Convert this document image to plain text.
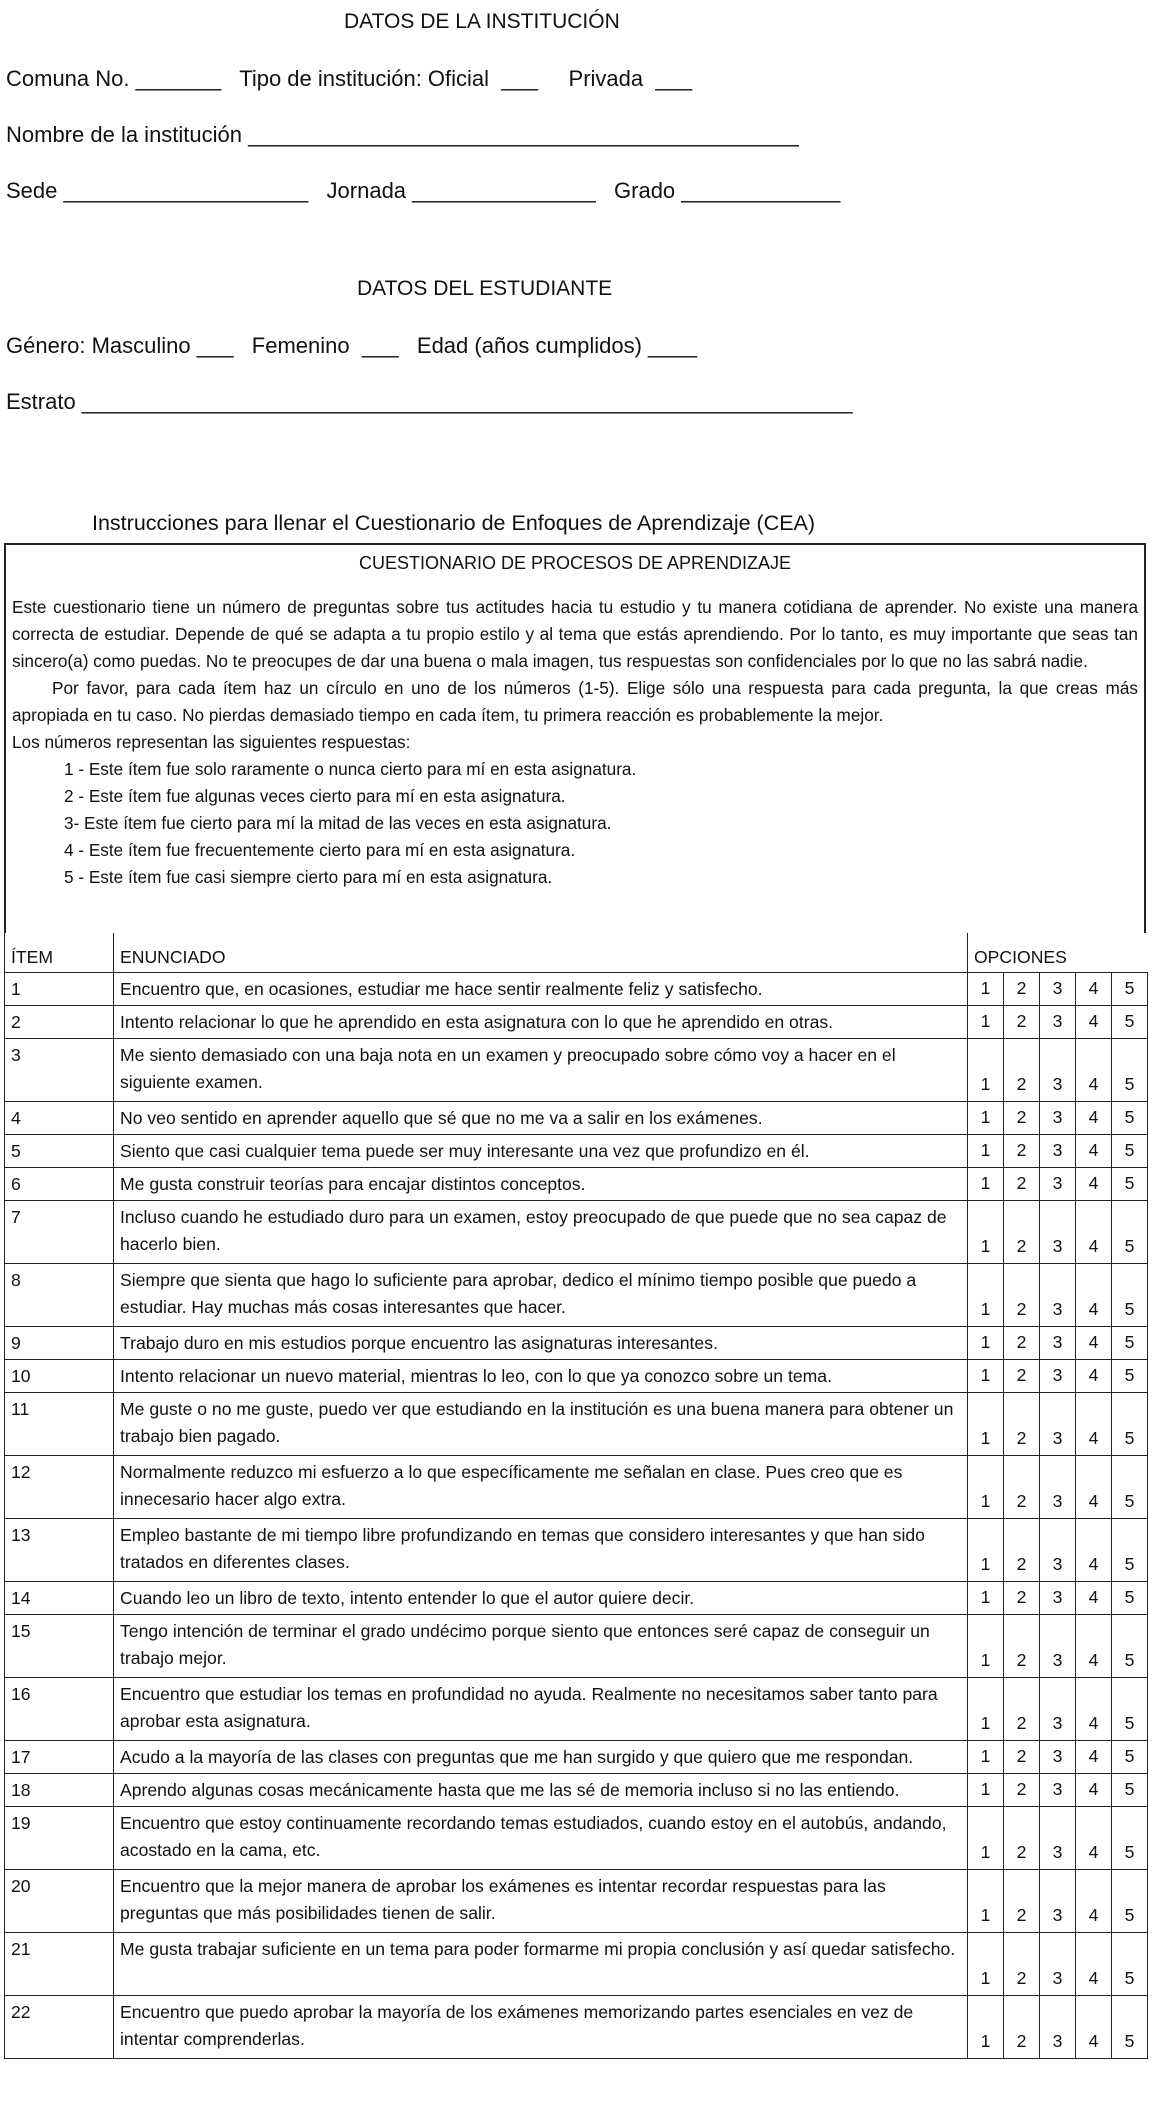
DATOS DE LA INSTITUCIÓN
Comuna No. _______   Tipo de institución: Oficial  ___     Privada  ___
Nombre de la institución _____________________________________________
Sede ____________________   Jornada _______________   Grado _____________
DATOS DEL ESTUDIANTE
Género: Masculino ___   Femenino  ___   Edad (años cumplidos) ____
Estrato _______________________________________________________________
Instrucciones para llenar el Cuestionario de Enfoques de Aprendizaje (CEA)
CUESTIONARIO DE PROCESOS DE APRENDIZAJE
Este cuestionario tiene un número de preguntas sobre tus actitudes hacia tu estudio y tu manera cotidiana de aprender. No existe una manera correcta de estudiar. Depende de qué se adapta a tu propio estilo y al tema que estás aprendiendo. Por lo tanto, es muy importante que seas tan sincero(a) como puedas. No te preocupes de dar una buena o mala imagen, tus respuestas son confidenciales por lo que no las sabrá nadie.
Por favor, para cada ítem haz un círculo en uno de los números (1-5). Elige sólo una respuesta para cada pregunta, la que creas más apropiada en tu caso. No pierdas demasiado tiempo en cada ítem, tu primera reacción es probablemente la mejor.
Los números representan las siguientes respuestas:
1 - Este ítem fue solo raramente o nunca cierto para mí en esta asignatura.
2 - Este ítem fue algunas veces cierto para mí en esta asignatura.
3- Este ítem fue cierto para mí la mitad de las veces en esta asignatura.
4 - Este ítem fue frecuentemente cierto para mí en esta asignatura.
5 - Este ítem fue casi siempre cierto para mí en esta asignatura.
ÍTEM	ENUNCIADO	OPCIONES				
1	Encuentro que, en ocasiones, estudiar me hace sentir realmente feliz y satisfecho.	1	2	3	4	5
2	Intento relacionar lo que he aprendido en esta asignatura con lo que he aprendido en otras.	1	2	3	4	5
3	Me siento demasiado con una baja nota en un examen y preocupado sobre cómo voy a hacer en el siguiente examen.	1	2	3	4	5
4	No veo sentido en aprender aquello que sé que no me va a salir en los exámenes.	1	2	3	4	5
5	Siento que casi cualquier tema puede ser muy interesante una vez que profundizo en él.	1	2	3	4	5
6	Me gusta construir teorías para encajar distintos conceptos.	1	2	3	4	5
7	Incluso cuando he estudiado duro para un examen, estoy preocupado de que puede que no sea capaz de hacerlo bien.	1	2	3	4	5
8	Siempre que sienta que hago lo suficiente para aprobar, dedico el mínimo tiempo posible que puedo a estudiar. Hay muchas más cosas interesantes que hacer.	1	2	3	4	5
9	Trabajo duro en mis estudios porque encuentro las asignaturas interesantes.	1	2	3	4	5
10	Intento relacionar un nuevo material, mientras lo leo, con lo que ya conozco sobre un tema.	1	2	3	4	5
11	Me guste o no me guste, puedo ver que estudiando en la institución es una buena manera para obtener un trabajo bien pagado.	1	2	3	4	5
12	Normalmente reduzco mi esfuerzo a lo que específicamente me señalan en clase. Pues creo que es innecesario hacer algo extra.	1	2	3	4	5
13	Empleo bastante de mi tiempo libre profundizando en temas que considero interesantes y que han sido tratados en diferentes clases.	1	2	3	4	5
14	Cuando leo un libro de texto, intento entender lo que el autor quiere decir.	1	2	3	4	5
15	Tengo intención de terminar el grado undécimo porque siento que entonces seré capaz de conseguir un trabajo mejor.	1	2	3	4	5
16	Encuentro que estudiar los temas en profundidad no ayuda. Realmente no necesitamos saber tanto para aprobar esta asignatura.	1	2	3	4	5
17	Acudo a la mayoría de las clases con preguntas que me han surgido y que quiero que me respondan.	1	2	3	4	5
18	Aprendo algunas cosas mecánicamente hasta que me las sé de memoria incluso si no las entiendo.	1	2	3	4	5
19	Encuentro que estoy continuamente recordando temas estudiados, cuando estoy en el autobús, andando, acostado en la cama, etc.	1	2	3	4	5
20	Encuentro que la mejor manera de aprobar los exámenes es intentar recordar respuestas para las preguntas que más posibilidades tienen de salir.	1	2	3	4	5
21	Me gusta trabajar suficiente en un tema para poder formarme mi propia conclusión y así quedar satisfecho.	1	2	3	4	5
22	Encuentro que puedo aprobar la mayoría de los exámenes memorizando partes esenciales en vez de intentar comprenderlas.	1	2	3	4	5
